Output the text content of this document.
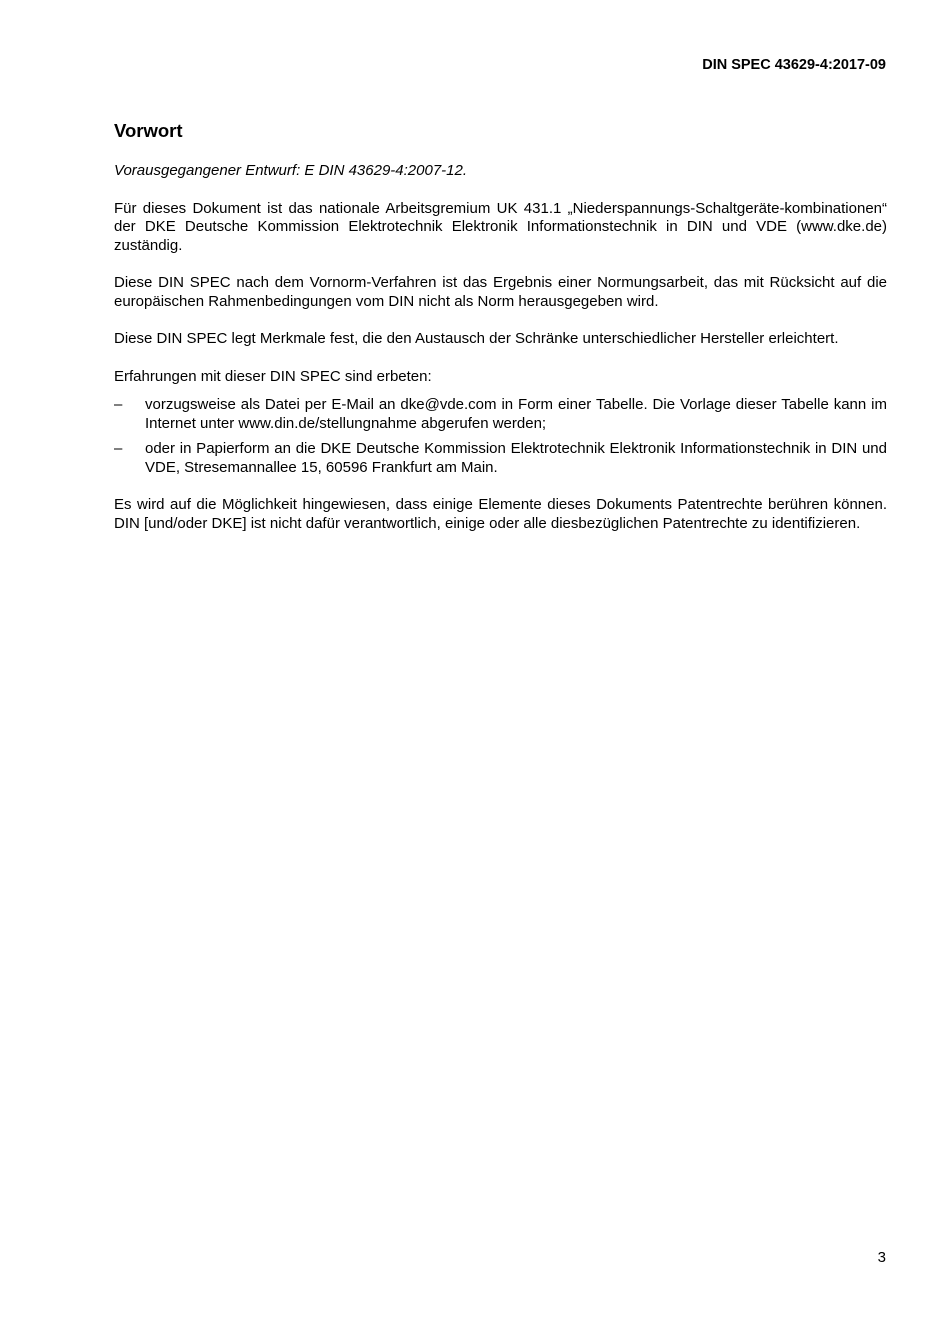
DIN SPEC 43629-4:2017-09
Vorwort

Vorausgegangener Entwurf: E DIN 43629-4:2007-12.

Für dieses Dokument ist das nationale Arbeitsgremium UK 431.1 „Niederspannungs-Schaltgeräte-kombinationen“ der DKE Deutsche Kommission Elektrotechnik Elektronik Informationstechnik in DIN und VDE (www.dke.de) zuständig.

Diese DIN SPEC nach dem Vornorm-Verfahren ist das Ergebnis einer Normungsarbeit, das mit Rücksicht auf die europäischen Rahmenbedingungen vom DIN nicht als Norm herausgegeben wird.

Diese DIN SPEC legt Merkmale fest, die den Austausch der Schränke unterschiedlicher Hersteller erleichtert.

Erfahrungen mit dieser DIN SPEC sind erbeten:

– vorzugsweise als Datei per E-Mail an dke@vde.com in Form einer Tabelle. Die Vorlage dieser Tabelle kann im Internet unter www.din.de/stellungnahme abgerufen werden;
– oder in Papierform an die DKE Deutsche Kommission Elektrotechnik Elektronik Informationstechnik in DIN und VDE, Stresemannallee 15, 60596 Frankfurt am Main.

Es wird auf die Möglichkeit hingewiesen, dass einige Elemente dieses Dokuments Patentrechte berühren können. DIN [und/oder DKE] ist nicht dafür verantwortlich, einige oder alle diesbezüglichen Patentrechte zu identifizieren.

3
